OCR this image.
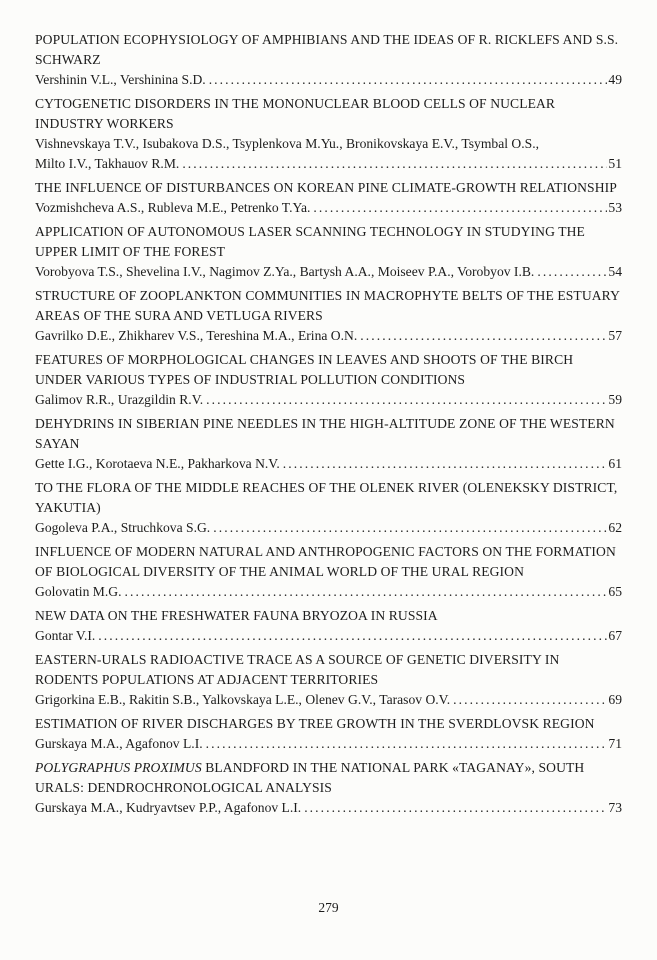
POPULATION ECOPHYSIOLOGY OF AMPHIBIANS AND THE IDEAS OF R. RICKLEFS AND S.S. SCHWARZ
Vershinin V.L., Vershinina S.D. .....	49
CYTOGENETIC DISORDERS IN THE MONONUCLEAR BLOOD CELLS OF NUCLEAR INDUSTRY WORKERS
Vishnevskaya T.V., Isubakova D.S., Tsyplenkova M.Yu., Bronikovskaya E.V., Tsymbal O.S.,
Milto I.V., Takhauov R.M. .....	51
THE INFLUENCE OF DISTURBANCES ON KOREAN PINE CLIMATE-GROWTH RELATIONSHIP
Vozmishcheva A.S., Rubleva M.E., Petrenko T.Ya. .....	53
APPLICATION OF AUTONOMOUS LASER SCANNING TECHNOLOGY IN STUDYING THE UPPER LIMIT OF THE FOREST
Vorobyova T.S., Shevelina I.V., Nagimov Z.Ya., Bartysh A.A., Moiseev P.A., Vorobyov I.B. .....	54
STRUCTURE OF ZOOPLANKTON COMMUNITIES IN MACROPHYTE BELTS OF THE ESTUARY AREAS OF THE SURA AND VETLUGA RIVERS
Gavrilko D.E., Zhikharev V.S., Tereshina M.A., Erina O.N. .....	57
FEATURES OF MORPHOLOGICAL CHANGES IN LEAVES AND SHOOTS OF THE BIRCH UNDER VARIOUS TYPES OF INDUSTRIAL POLLUTION CONDITIONS
Galimov R.R., Urazgildin R.V. .....	59
DEHYDRINS IN SIBERIAN PINE NEEDLES IN THE HIGH-ALTITUDE ZONE OF THE WESTERN SAYAN
Gette I.G., Korotaeva N.E., Pakharkova N.V. .....	61
TO THE FLORA OF THE MIDDLE REACHES OF THE OLENEK RIVER (OLENEKSKY DISTRICT, YAKUTIA)
Gogoleva P.A., Struchkova S.G. .....	62
INFLUENCE OF MODERN NATURAL AND ANTHROPOGENIC FACTORS ON THE FORMATION OF BIOLOGICAL DIVERSITY OF THE ANIMAL WORLD OF THE URAL REGION
Golovatin M.G. .....	65
NEW DATA ON THE FRESHWATER FAUNA BRYOZOA IN RUSSIA
Gontar V.I. .....	67
EASTERN-URALS RADIOACTIVE TRACE AS A SOURCE OF GENETIC DIVERSITY IN RODENTS POPULATIONS AT ADJACENT TERRITORIES
Grigorkina E.B., Rakitin S.B., Yalkovskaya L.E., Olenev G.V., Tarasov O.V. .....	69
ESTIMATION OF RIVER DISCHARGES BY TREE GROWTH IN THE SVERDLOVSK REGION
Gurskaya M.A., Agafonov L.I. .....	71
POLYGRAPHUS PROXIMUS BLANDFORD IN THE NATIONAL PARK «TAGANAY», SOUTH URALS: DENDROCHRONOLOGICAL ANALYSIS
Gurskaya M.A., Kudryavtsev P.P., Agafonov L.I. .....	73
279
